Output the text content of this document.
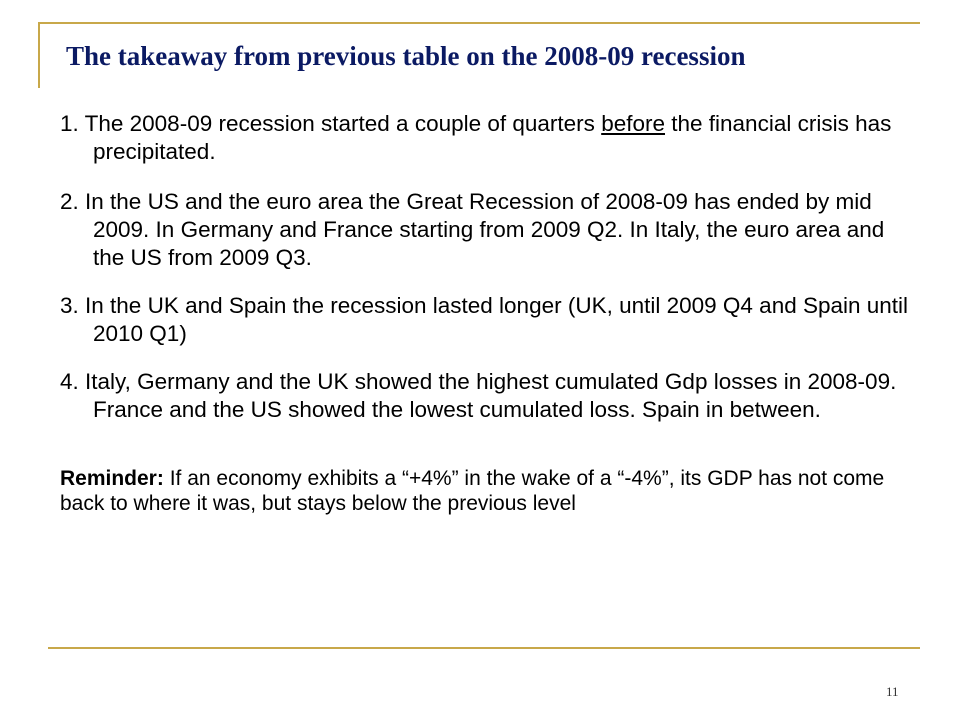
The takeaway from previous table on the 2008-09 recession

1. The 2008-09 recession started a couple of quarters before the financial crisis has precipitated.

2. In the US and the euro area the Great Recession of 2008-09 has ended by mid 2009. In Germany and France starting from 2009 Q2. In Italy, the euro area and the US from 2009 Q3.

3. In the UK and Spain the recession lasted longer (UK, until 2009 Q4 and Spain until 2010 Q1)

4. Italy, Germany and the UK showed the highest cumulated Gdp losses in 2008-09. France and the US showed the lowest cumulated loss. Spain in between.

Reminder: If an economy exhibits a “+4%” in the wake of a “-4%”, its GDP has not come back to where it was, but stays below the previous level

11
